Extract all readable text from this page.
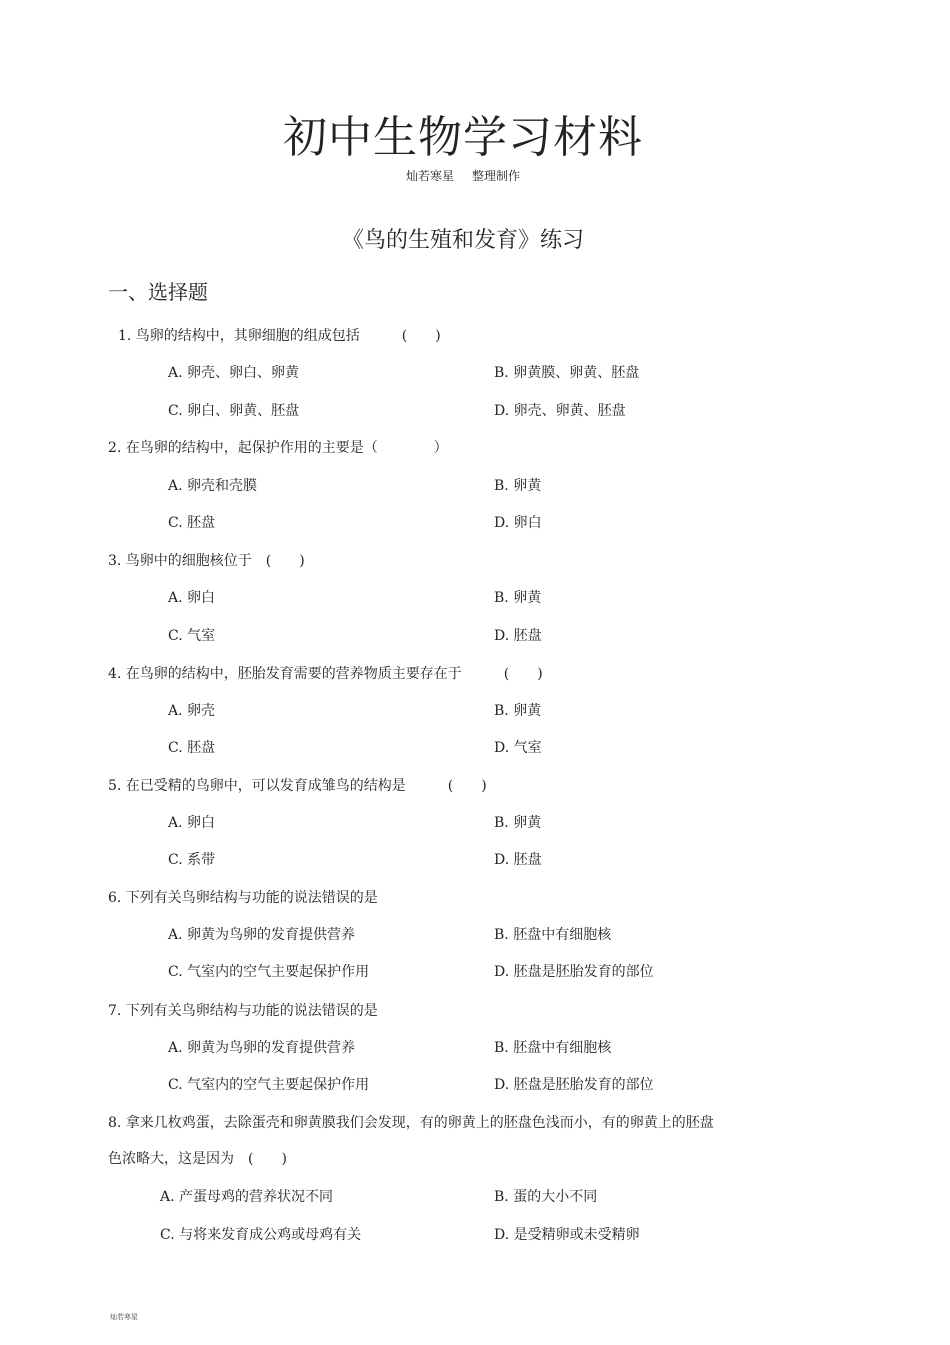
初中生物学习材料
灿若寒星 整理制作
《鸟的生殖和发育》练习
一、选择题
1. 鸟卵的结构中，其卵细胞的组成包括　　　(　　)
A. 卵壳、卵白、卵黄	B. 卵黄膜、卵黄、胚盘
C. 卵白、卵黄、胚盘	D. 卵壳、卵黄、胚盘
2. 在鸟卵的结构中，起保护作用的主要是（　　　　）
A. 卵壳和壳膜	B. 卵黄
C. 胚盘	D. 卵白
3. 鸟卵中的细胞核位于　(　　)
A. 卵白	B. 卵黄
C. 气室	D. 胚盘
4. 在鸟卵的结构中，胚胎发育需要的营养物质主要存在于　　　(　　)
A. 卵壳	B. 卵黄
C. 胚盘	D. 气室
5. 在已受精的鸟卵中，可以发育成雏鸟的结构是　　　(　　)
A. 卵白	B. 卵黄
C. 系带	D. 胚盘
6. 下列有关鸟卵结构与功能的说法错误的是
A. 卵黄为鸟卵的发育提供营养	B. 胚盘中有细胞核
C. 气室内的空气主要起保护作用	D. 胚盘是胚胎发育的部位
7. 下列有关鸟卵结构与功能的说法错误的是
A. 卵黄为鸟卵的发育提供营养	B. 胚盘中有细胞核
C. 气室内的空气主要起保护作用	D. 胚盘是胚胎发育的部位
8. 拿来几枚鸡蛋，去除蛋壳和卵黄膜我们会发现，有的卵黄上的胚盘色浅而小，有的卵黄上的胚盘
色浓略大，这是因为　(　　)
A. 产蛋母鸡的营养状况不同	B. 蛋的大小不同
C. 与将来发育成公鸡或母鸡有关	D. 是受精卵或未受精卵
灿若寒星
